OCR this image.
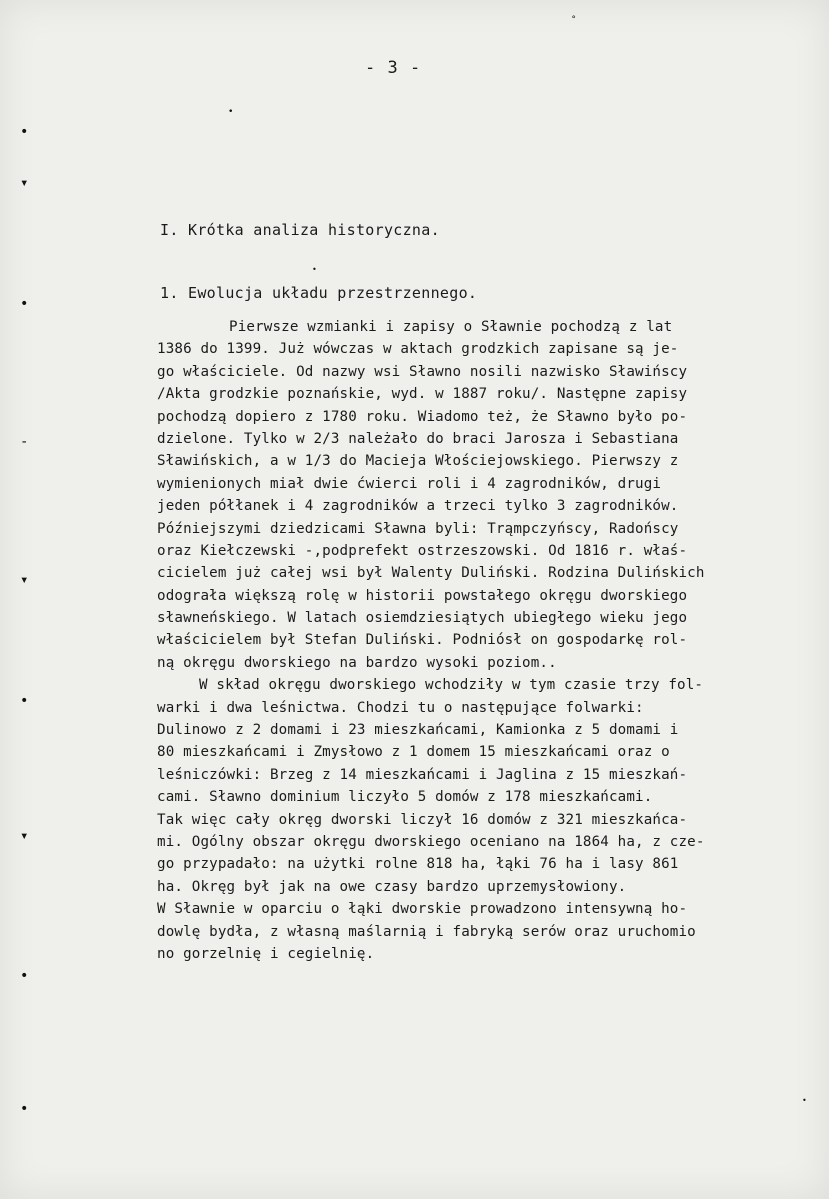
•
▾
•
-
▾
•
▾
•
•
•
•
°
•
- 3 -
I. Krótka analiza historyczna.
1. Ewolucja układu przestrzennego.
Pierwsze wzmianki i zapisy o Sławnie pochodzą z lat
1386 do 1399. Już wówczas w aktach grodzkich zapisane są je-
go właściciele. Od nazwy wsi Sławno nosili nazwisko Sławińscy
/Akta grodzkie poznańskie, wyd. w 1887 roku/. Następne zapisy
pochodzą dopiero z 1780 roku. Wiadomo też, że Sławno było po-
dzielone. Tylko w 2/3 należało do braci Jarosza i Sebastiana
Sławińskich, a w 1/3 do Macieja Włościejowskiego. Pierwszy z
wymienionych miał dwie ćwierci roli i 4 zagrodników, drugi
jeden półłanek i 4 zagrodników a trzeci tylko 3 zagrodników.
Późniejszymi dziedzicami Sławna byli: Trąmpczyńscy, Radońscy
oraz Kiełczewski -,podprefekt ostrzeszowski. Od 1816 r. właś-
cicielem już całej wsi był Walenty Duliński. Rodzina Dulińskich
odograła większą rolę w historii powstałego okręgu dworskiego
sławneńskiego. W latach osiemdziesiątych ubiegłego wieku jego
właścicielem był Stefan Duliński. Podniósł on gospodarkę rol-
ną okręgu dworskiego na bardzo wysoki poziom..
W skład okręgu dworskiego wchodziły w tym czasie trzy fol-
warki i dwa leśnictwa. Chodzi tu o następujące folwarki:
Dulinowo z 2 domami i 23 mieszkańcami, Kamionka z 5 domami i
80 mieszkańcami i Zmysłowo z 1 domem 15 mieszkańcami oraz o
leśniczówki: Brzeg z 14 mieszkańcami i Jaglina z 15 mieszkań-
cami. Sławno dominium liczyło 5 domów z 178 mieszkańcami.
Tak więc cały okręg dworski liczył 16 domów z 321 mieszkańca-
mi. Ogólny obszar okręgu dworskiego oceniano na 1864 ha, z cze-
go przypadało: na użytki rolne 818 ha, łąki 76 ha i lasy 861
ha. Okręg był jak na owe czasy bardzo uprzemysłowiony.
W Sławnie w oparciu o łąki dworskie prowadzono intensywną ho-
dowlę bydła, z własną maślarnią i fabryką serów oraz uruchomio
no gorzelnię i cegielnię.
